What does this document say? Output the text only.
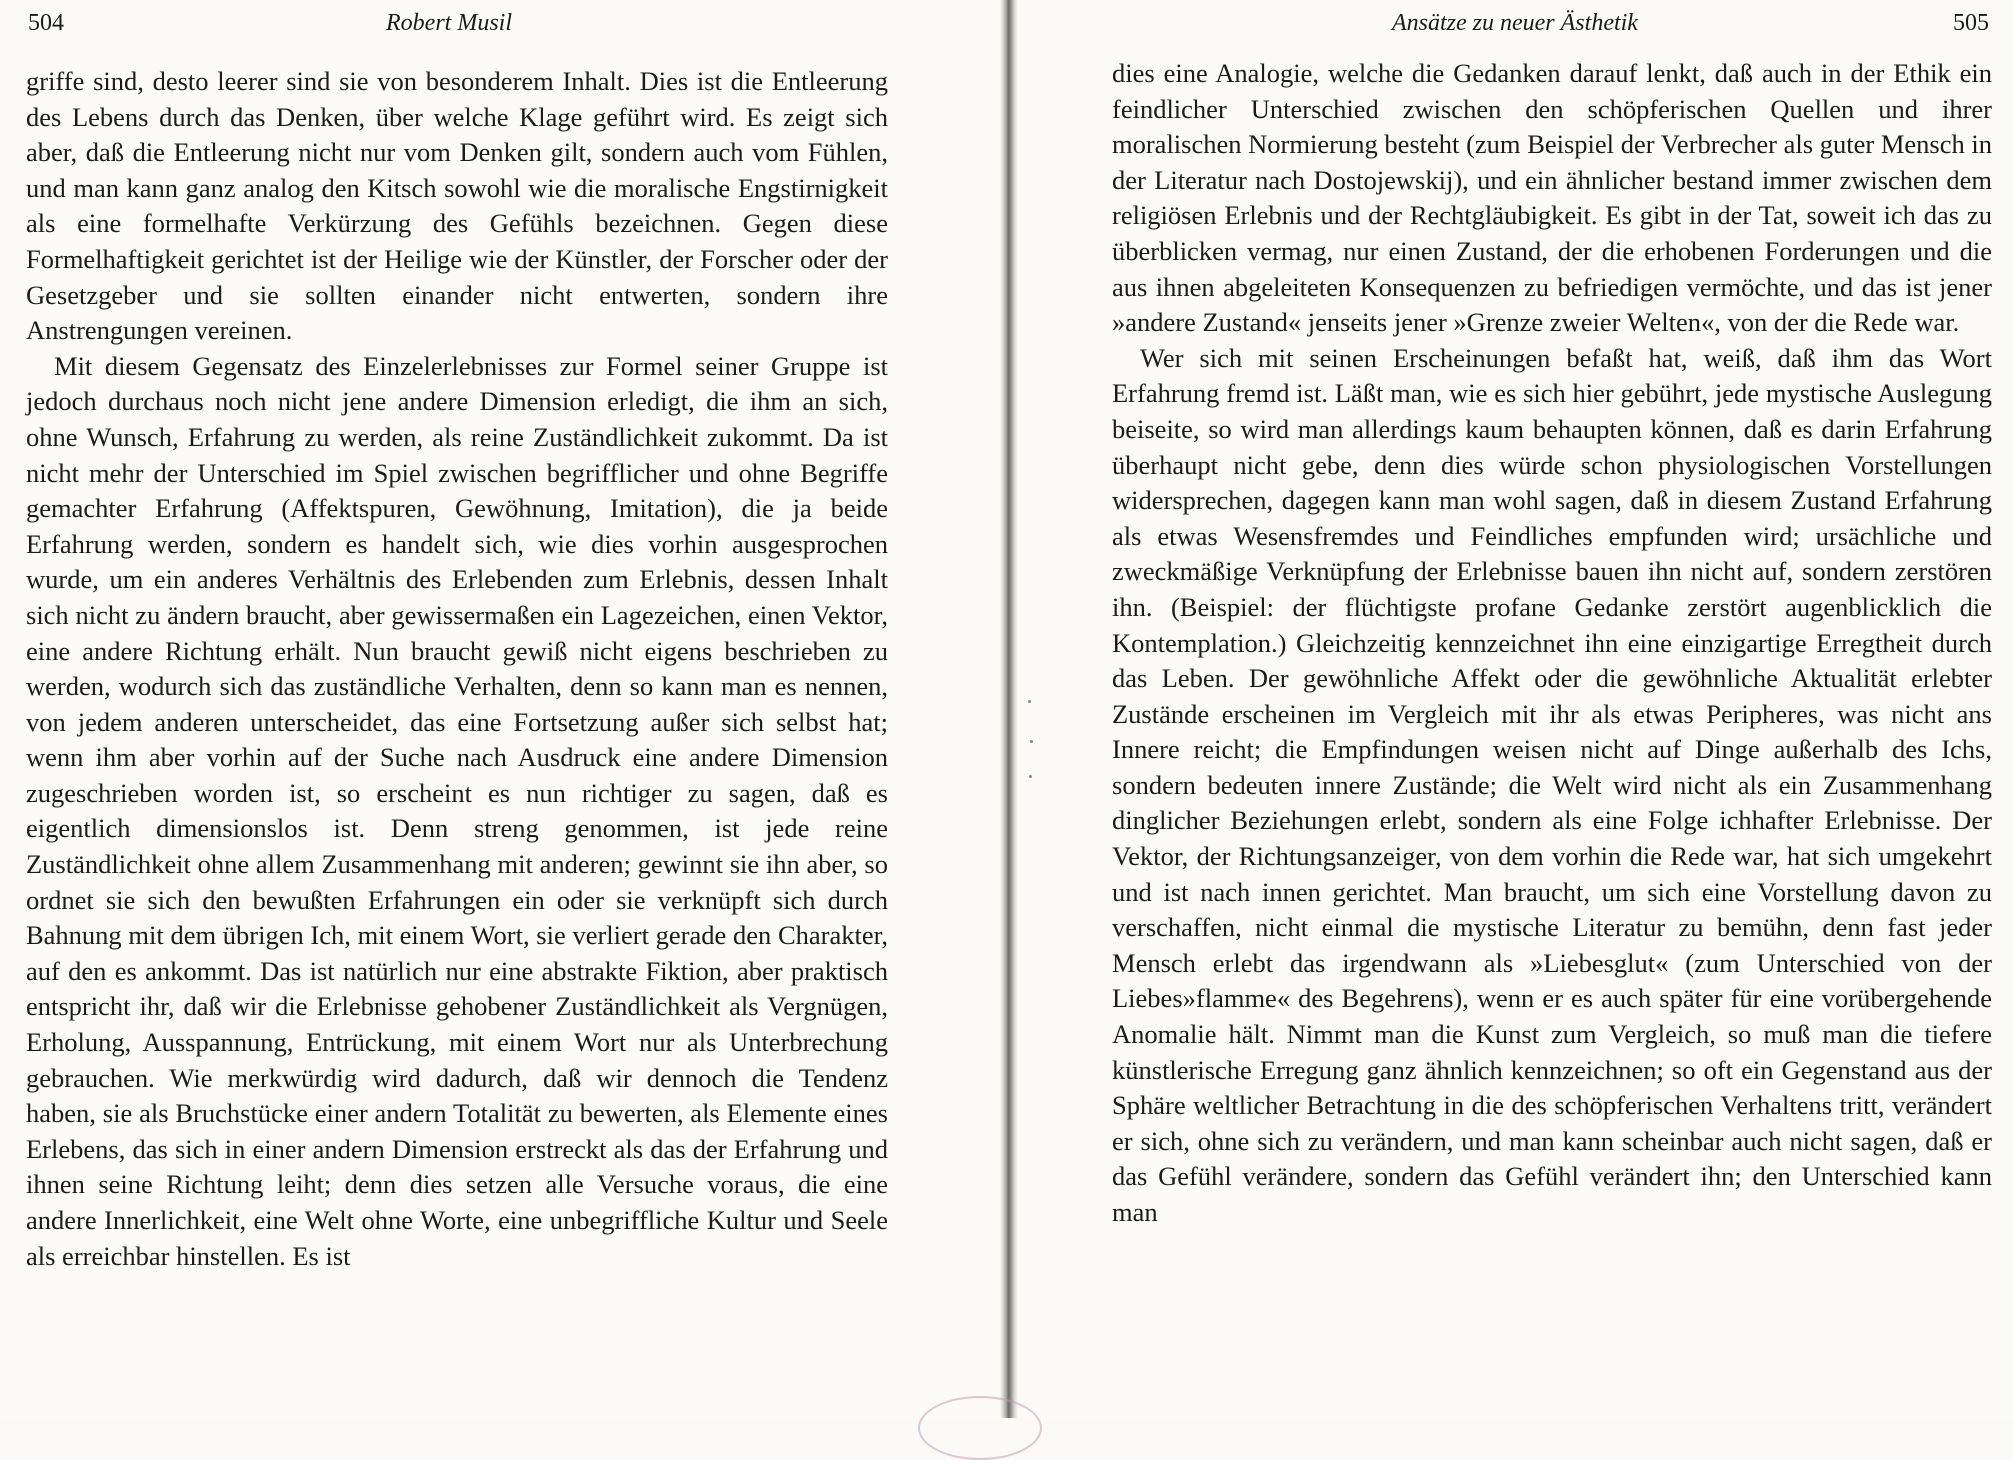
504	Robert Musil

griffe sind, desto leerer sind sie von besonderem Inhalt. Dies ist die Entleerung des Lebens durch das Denken, über welche Klage geführt wird. Es zeigt sich aber, daß die Entleerung nicht nur vom Denken gilt, sondern auch vom Fühlen, und man kann ganz analog den Kitsch sowohl wie die moralische Engstirnigkeit als eine formelhafte Verkürzung des Gefühls bezeichnen. Gegen diese Formelhaftigkeit gerichtet ist der Heilige wie der Künstler, der Forscher oder der Gesetzgeber und sie sollten einander nicht entwerten, sondern ihre Anstrengungen vereinen.

Mit diesem Gegensatz des Einzelerlebnisses zur Formel seiner Gruppe ist jedoch durchaus noch nicht jene andere Dimension erledigt, die ihm an sich, ohne Wunsch, Erfahrung zu werden, als reine Zuständlichkeit zukommt. Da ist nicht mehr der Unterschied im Spiel zwischen begrifflicher und ohne Begriffe gemachter Erfahrung (Affektspuren, Gewöhnung, Imitation), die ja beide Erfahrung werden, sondern es handelt sich, wie dies vorhin ausgesprochen wurde, um ein anderes Verhältnis des Erlebenden zum Erlebnis, dessen Inhalt sich nicht zu ändern braucht, aber gewissermaßen ein Lagezeichen, einen Vektor, eine andere Richtung erhält. Nun braucht gewiß nicht eigens beschrieben zu werden, wodurch sich das zuständliche Verhalten, denn so kann man es nennen, von jedem anderen unterscheidet, das eine Fortsetzung außer sich selbst hat; wenn ihm aber vorhin auf der Suche nach Ausdruck eine andere Dimension zugeschrieben worden ist, so erscheint es nun richtiger zu sagen, daß es eigentlich dimensionslos ist. Denn streng genommen, ist jede reine Zuständlichkeit ohne allem Zusammenhang mit anderen; gewinnt sie ihn aber, so ordnet sie sich den bewußten Erfahrungen ein oder sie verknüpft sich durch Bahnung mit dem übrigen Ich, mit einem Wort, sie verliert gerade den Charakter, auf den es ankommt. Das ist natürlich nur eine abstrakte Fiktion, aber praktisch entspricht ihr, daß wir die Erlebnisse gehobener Zuständlichkeit als Vergnügen, Erholung, Ausspannung, Entrückung, mit einem Wort nur als Unterbrechung gebrauchen. Wie merkwürdig wird dadurch, daß wir dennoch die Tendenz haben, sie als Bruchstücke einer andern Totalität zu bewerten, als Elemente eines Erlebens, das sich in einer andern Dimension erstreckt als das der Erfahrung und ihnen seine Richtung leiht; denn dies setzen alle Versuche voraus, die eine andere Innerlichkeit, eine Welt ohne Worte, eine unbegriffliche Kultur und Seele als erreichbar hinstellen. Es ist

Ansätze zu neuer Ästhetik	505

dies eine Analogie, welche die Gedanken darauf lenkt, daß auch in der Ethik ein feindlicher Unterschied zwischen den schöpferischen Quellen und ihrer moralischen Normierung besteht (zum Beispiel der Verbrecher als guter Mensch in der Literatur nach Dostojewskij), und ein ähnlicher bestand immer zwischen dem religiösen Erlebnis und der Rechtgläubigkeit. Es gibt in der Tat, soweit ich das zu überblicken vermag, nur einen Zustand, der die erhobenen Forderungen und die aus ihnen abgeleiteten Konsequenzen zu befriedigen vermöchte, und das ist jener »andere Zustand« jenseits jener »Grenze zweier Welten«, von der die Rede war.

Wer sich mit seinen Erscheinungen befaßt hat, weiß, daß ihm das Wort Erfahrung fremd ist. Läßt man, wie es sich hier gebührt, jede mystische Auslegung beiseite, so wird man allerdings kaum behaupten können, daß es darin Erfahrung überhaupt nicht gebe, denn dies würde schon physiologischen Vorstellungen widersprechen, dagegen kann man wohl sagen, daß in diesem Zustand Erfahrung als etwas Wesensfremdes und Feindliches empfunden wird; ursächliche und zweckmäßige Verknüpfung der Erlebnisse bauen ihn nicht auf, sondern zerstören ihn. (Beispiel: der flüchtigste profane Gedanke zerstört augenblicklich die Kontemplation.) Gleichzeitig kennzeichnet ihn eine einzigartige Erregtheit durch das Leben. Der gewöhnliche Affekt oder die gewöhnliche Aktualität erlebter Zustände erscheinen im Vergleich mit ihr als etwas Peripheres, was nicht ans Innere reicht; die Empfindungen weisen nicht auf Dinge außerhalb des Ichs, sondern bedeuten innere Zustände; die Welt wird nicht als ein Zusammenhang dinglicher Beziehungen erlebt, sondern als eine Folge ichhafter Erlebnisse. Der Vektor, der Richtungsanzeiger, von dem vorhin die Rede war, hat sich umgekehrt und ist nach innen gerichtet. Man braucht, um sich eine Vorstellung davon zu verschaffen, nicht einmal die mystische Literatur zu bemühn, denn fast jeder Mensch erlebt das irgendwann als »Liebesglut« (zum Unterschied von der Liebes»flamme« des Begehrens), wenn er es auch später für eine vorübergehende Anomalie hält. Nimmt man die Kunst zum Vergleich, so muß man die tiefere künstlerische Erregung ganz ähnlich kennzeichnen; so oft ein Gegenstand aus der Sphäre weltlicher Betrachtung in die des schöpferischen Verhaltens tritt, verändert er sich, ohne sich zu verändern, und man kann scheinbar auch nicht sagen, daß er das Gefühl verändere, sondern das Gefühl verändert ihn; den Unterschied kann man
